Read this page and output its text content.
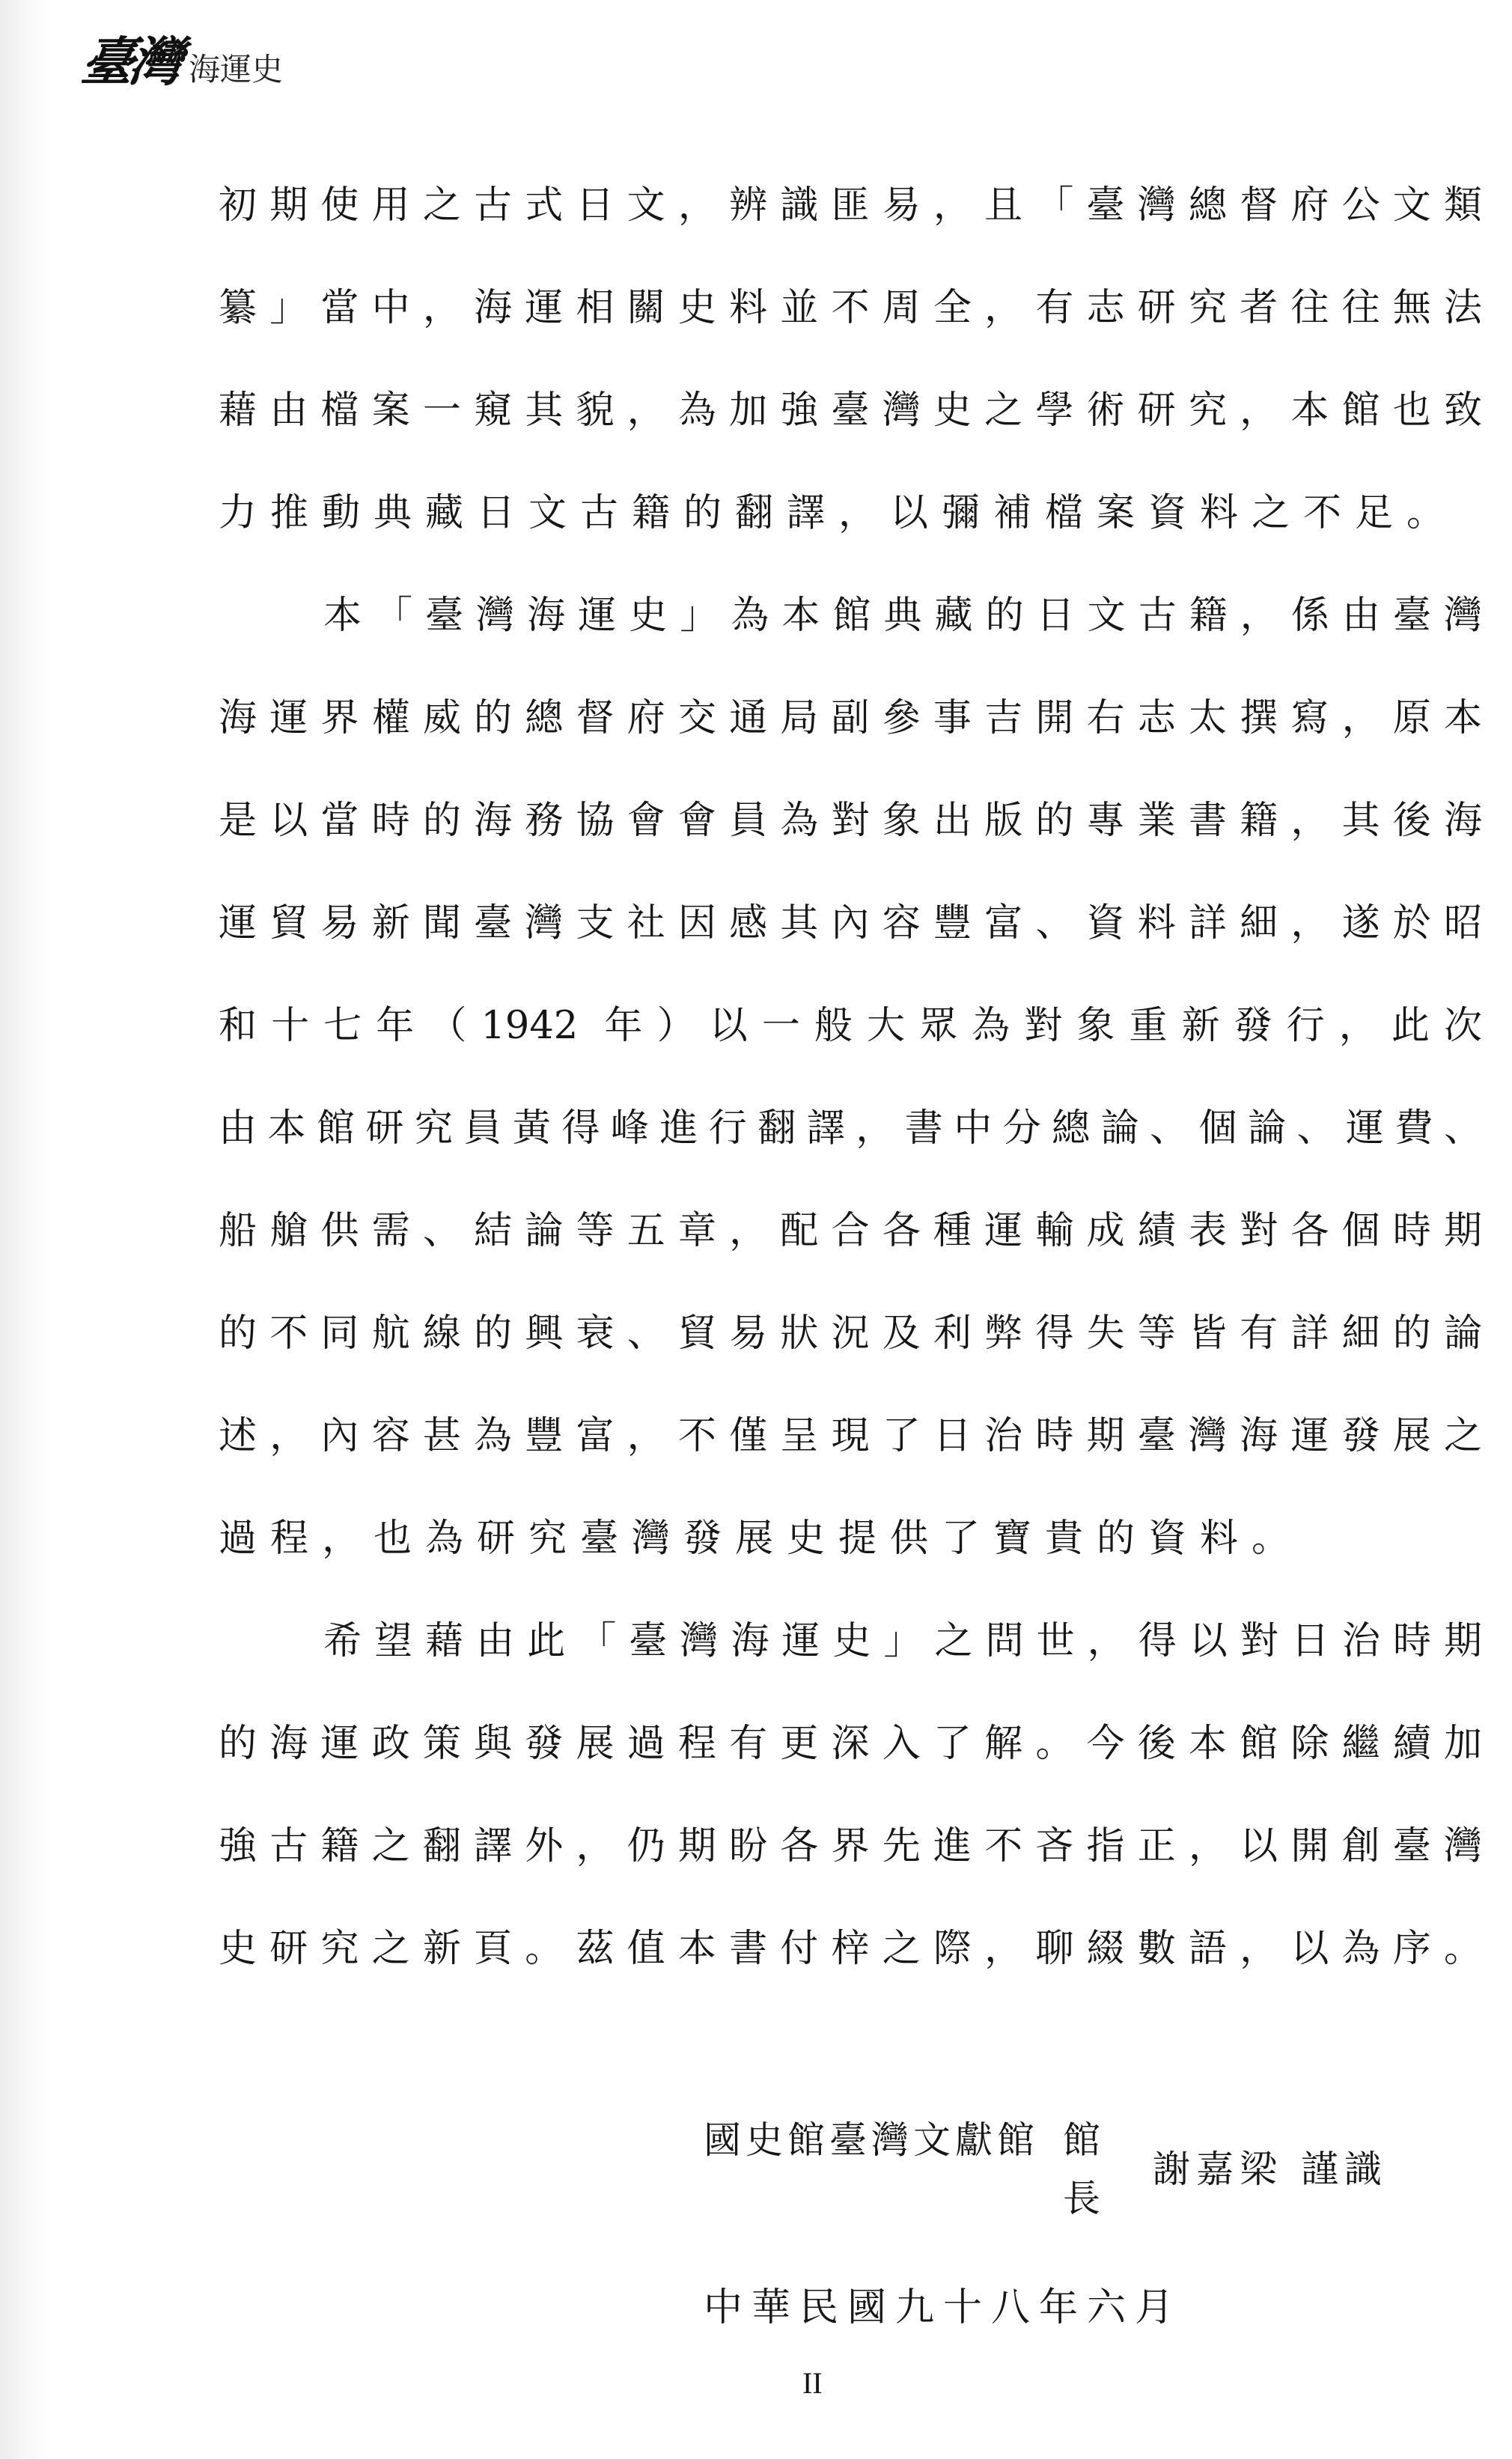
臺灣 海運史
初期使用之古式日文，辨識匪易，且「臺灣總督府公文類
纂」當中，海運相關史料並不周全，有志研究者往往無法
藉由檔案一窺其貌，為加強臺灣史之學術研究，本館也致
力推動典藏日文古籍的翻譯，以彌補檔案資料之不足。
本「臺灣海運史」為本館典藏的日文古籍，係由臺灣
海運界權威的總督府交通局副參事吉開右志太撰寫，原本
是以當時的海務協會會員為對象出版的專業書籍，其後海
運貿易新聞臺灣支社因感其內容豐富、資料詳細，遂於昭
和十七年（1942 年）以一般大眾為對象重新發行，此次
由本館研究員黃得峰進行翻譯，書中分總論、個論、運費、
船艙供需、結論等五章，配合各種運輸成績表對各個時期
的不同航線的興衰、貿易狀況及利弊得失等皆有詳細的論
述，內容甚為豐富，不僅呈現了日治時期臺灣海運發展之
過程，也為研究臺灣發展史提供了寶貴的資料。
希望藉由此「臺灣海運史」之問世，得以對日治時期
的海運政策與發展過程有更深入了解。今後本館除繼續加
強古籍之翻譯外，仍期盼各界先進不吝指正，以開創臺灣
史研究之新頁。茲值本書付梓之際，聊綴數語，以為序。
國史館臺灣文獻館 館長
謝嘉梁 謹識
中華民國九十八年六月
II
